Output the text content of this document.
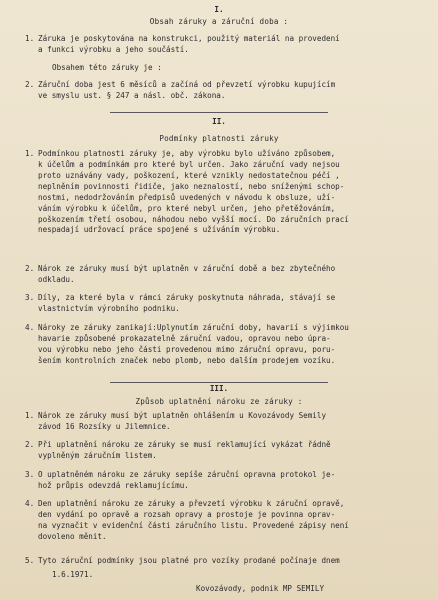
I.
Obsah záruky a záruční doba :
1. Záruka je poskytována na konstrukci, použitý materiál na provedení
a funkci výrobku a jeho součástí.
Obsahem této záruky je :
2. Záruční doba jest 6 měsíců a začíná od převzetí výrobku kupujícím
ve smyslu ust. § 247 a násl. obč. zákona.
II.
Podmínky platnosti záruky
1. Podmínkou platnosti záruky je, aby výrobku bylo užíváno způsobem,
k účelům a podmínkám pro které byl určen. Jako záruční vady nejsou
proto uznávány vady, poškození, které vznikly nedostatečnou péčí ,
neplněním povinnosti řidiče, jako neznalostí, nebo sníženými schop-
nostmi, nedodržováním předpisů uvedených v návodu k obsluze, uží-
váním výrobku k účelům, pro které nebyl určen, jeho přetěžováním,
poškozením třetí osobou, náhodou nebo vyšší mocí. Do záručních prací
nespadají udržovací práce spojené s užíváním výrobku.
2. Nárok ze záruky musí být uplatněn v záruční době a bez zbytečného
odkladu.
3. Díly, za které byla v rámci záruky poskytnuta náhrada, stávají se
vlastnictvím výrobního podniku.
4. Nároky ze záruky zanikají:Uplynutím záruční doby, havarií s výjimkou
havarie způsobené prokazatelně záruční vadou, opravou nebo úpra-
vou výrobku nebo jeho části provedenou mimo záruční opravu, poru-
šením kontrolních značek nebo plomb, nebo dalším prodejem vozíku.
III.
Způsob uplatnění nároku ze záruky :
1. Nárok ze záruky musí být uplatněn ohlášením u Kovozávody Semily
závod 16 Rozsíky u Jilemnice.
2. Při uplatnění nároku ze záruky se musí reklamující vykázat řádně
vyplněným záručním listem.
3. O uplatněném nároku ze záruky sepíše záruční opravna protokol je-
hož průpis odevzdá reklamujícímu.
4. Den uplatnění nároku ze záruky a převzetí výrobku k záruční opravě,
den vydání po opravě a rozsah opravy a prostoje je povinna oprav-
na vyznačit v evidenční části záručního listu. Provedené zápisy není
dovoleno měnit.
5. Tyto záruční podmínky jsou platné pro vozíky prodané počínaje dnem
1.6.1971.
Kovozávody, podnik MP SEMILY
